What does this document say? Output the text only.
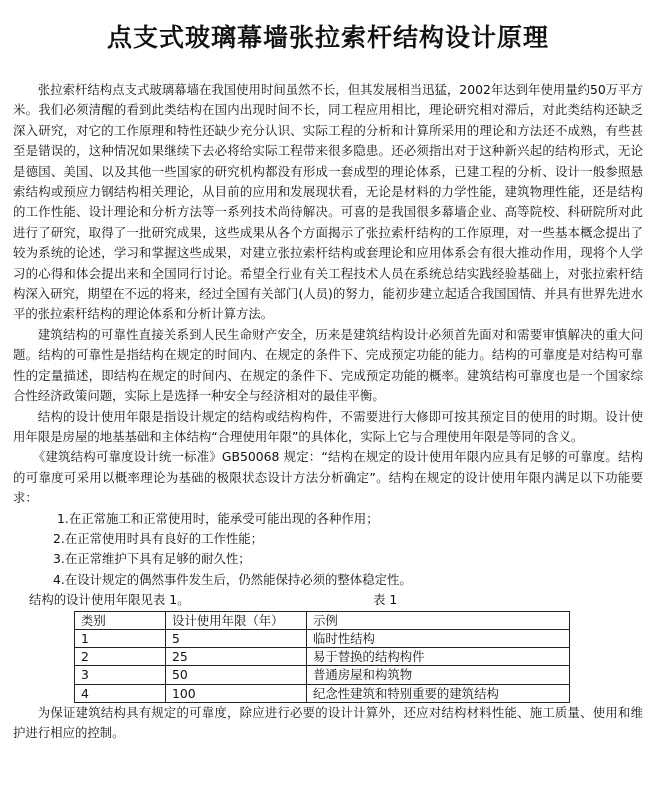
点支式玻璃幕墙张拉索杆结构设计原理

张拉索杆结构点支式玻璃幕墙在我国使用时间虽然不长，但其发展相当迅猛，2002年达到年使用量约50万平方米。我们必须清醒的看到此类结构在国内出现时间不长，同工程应用相比，理论研究相对滞后，对此类结构还缺乏深入研究，对它的工作原理和特性还缺少充分认识、实际工程的分析和计算所采用的理论和方法还不成熟，有些甚至是错误的，这种情况如果继续下去必将给实际工程带来很多隐患。还必须指出对于这种新兴起的结构形式，无论是德国、美国、以及其他一些国家的研究机构都没有形成一套成型的理论体系，已建工程的分析、设计一般参照悬索结构或预应力钢结构相关理论，从目前的应用和发展现状看，无论是材料的力学性能，建筑物理性能，还是结构的工作性能、设计理论和分析方法等一系列技术尚待解决。可喜的是我国很多幕墙企业、高等院校、科研院所对此进行了研究，取得了一批研究成果，这些成果从各个方面揭示了张拉索杆结构的工作原理，对一些基本概念提出了较为系统的论述，学习和掌握这些成果，对建立张拉索杆结构或套理论和应用体系会有很大推动作用，现将个人学习的心得和体会提出来和全国同行讨论。希望全行业有关工程技术人员在系统总结实践经验基础上，对张拉索杆结构深入研究，期望在不远的将来，经过全国有关部门(人员)的努力，能初步建立起适合我国国情、并具有世界先进水平的张拉索杆结构的理论体系和分析计算方法。

建筑结构的可靠性直接关系到人民生命财产安全，历来是建筑结构设计必须首先面对和需要审慎解决的重大问题。结构的可靠性是指结构在规定的时间内、在规定的条件下、完成预定功能的能力。结构的可靠度是对结构可靠性的定量描述，即结构在规定的时间内、在规定的条件下、完成预定功能的概率。建筑结构可靠度也是一个国家综合性经济政策问题，实际上是选择一种安全与经济相对的最佳平衡。

结构的设计使用年限是指设计规定的结构或结构构件，不需要进行大修即可按其预定目的使用的时期。设计使用年限是房屋的地基基础和主体结构“合理使用年限”的具体化，实际上它与合理使用年限是等同的含义。

《建筑结构可靠度设计统一标准》GB50068 规定：“结构在规定的设计使用年限内应具有足够的可靠度。结构的可靠度可采用以概率理论为基础的极限状态设计方法分析确定”。结构在规定的设计使用年限内满足以下功能要求：

1.在正常施工和正常使用时，能承受可能出现的各种作用；
2.在正常使用时具有良好的工作性能；
3.在正常维护下具有足够的耐久性；
4.在设计规定的偶然事件发生后，仍然能保持必须的整体稳定性。
结构的设计使用年限见表 1。	表 1
类别	设计使用年限（年）	示例
1	5	临时性结构
2	25	易于替换的结构构件
3	50	普通房屋和构筑物
4	100	纪念性建筑和特别重要的建筑结构

为保证建筑结构具有规定的可靠度，除应进行必要的设计计算外，还应对结构材料性能、施工质量、使用和维护进行相应的控制。
